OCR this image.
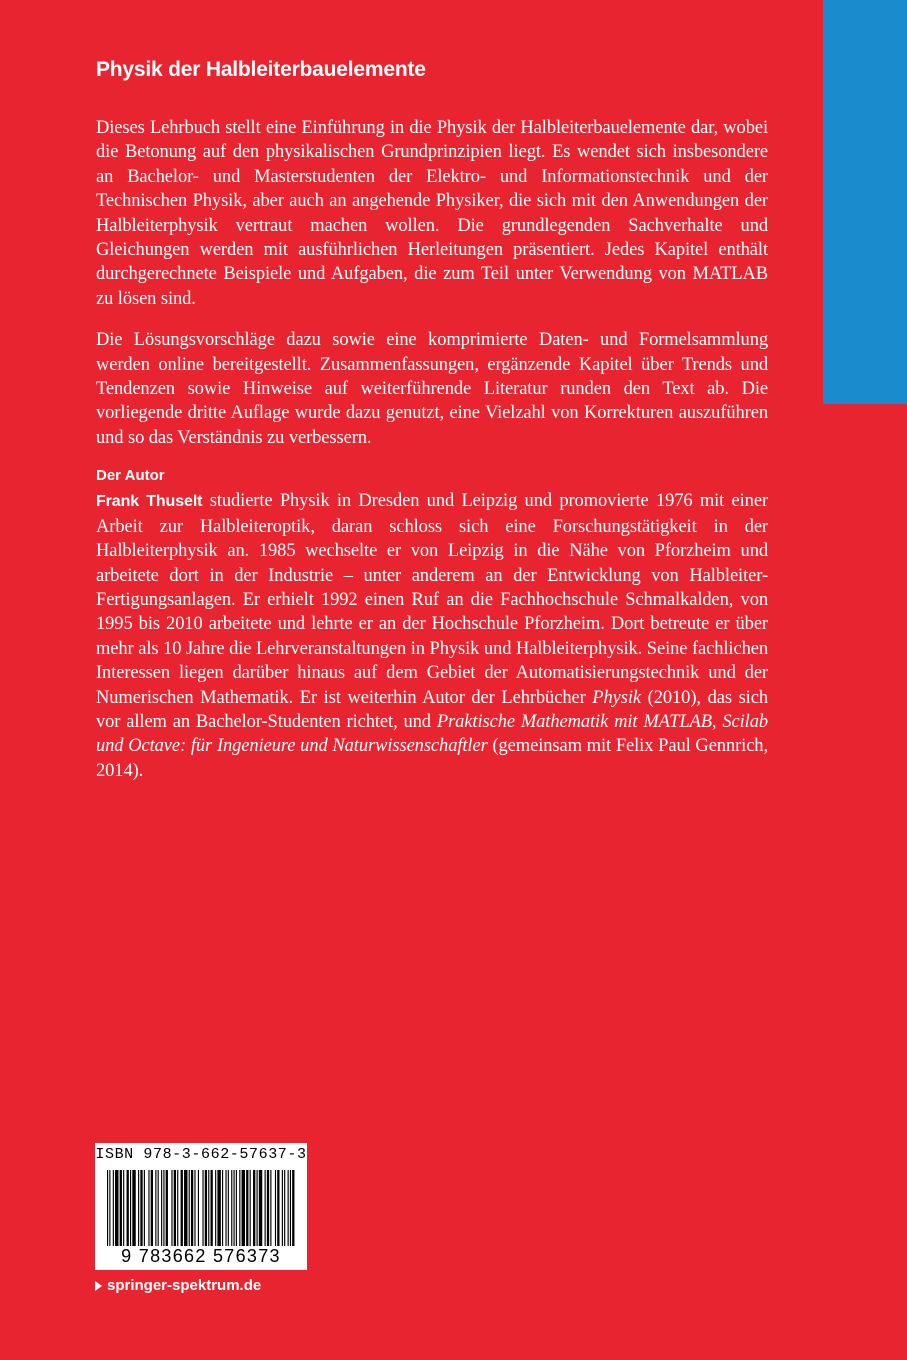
Physik der Halbleiterbauelemente

Dieses Lehrbuch stellt eine Einführung in die Physik der Halbleiterbauelemente dar, wobei die Betonung auf den physikalischen Grundprinzipien liegt. Es wendet sich insbesondere an Bachelor- und Masterstudenten der Elektro- und Informationstechnik und der Technischen Physik, aber auch an angehende Physiker, die sich mit den Anwendungen der Halbleiterphysik vertraut machen wollen. Die grundlegenden Sachverhalte und Gleichungen werden mit ausführlichen Herleitungen präsentiert. Jedes Kapitel enthält durchgerechnete Beispiele und Aufgaben, die zum Teil unter Verwendung von MATLAB zu lösen sind.

Die Lösungsvorschläge dazu sowie eine komprimierte Daten- und Formelsammlung werden online bereitgestellt. Zusammenfassungen, ergänzende Kapitel über Trends und Tendenzen sowie Hinweise auf weiterführende Literatur runden den Text ab. Die vorliegende dritte Auflage wurde dazu genutzt, eine Vielzahl von Korrekturen auszuführen und so das Verständnis zu verbessern.

Der Autor

Frank Thuselt studierte Physik in Dresden und Leipzig und promovierte 1976 mit einer Arbeit zur Halbleiteroptik, daran schloss sich eine Forschungstätigkeit in der Halbleiterphysik an. 1985 wechselte er von Leipzig in die Nähe von Pforzheim und arbeitete dort in der Industrie – unter anderem an der Entwicklung von Halbleiter-Fertigungsanlagen. Er erhielt 1992 einen Ruf an die Fachhochschule Schmalkalden, von 1995 bis 2010 arbeitete und lehrte er an der Hochschule Pforzheim. Dort betreute er über mehr als 10 Jahre die Lehrveranstaltungen in Physik und Halbleiterphysik. Seine fachlichen Interessen liegen darüber hinaus auf dem Gebiet der Automatisierungstechnik und der Numerischen Mathematik. Er ist weiterhin Autor der Lehrbücher Physik (2010), das sich vor allem an Bachelor-Studenten richtet, und Praktische Mathematik mit MATLAB, Scilab und Octave: für Ingenieure und Naturwissenschaftler (gemeinsam mit Felix Paul Gennrich, 2014).

ISBN 978-3-662-57637-3
9 783662 576373
springer-spektrum.de
